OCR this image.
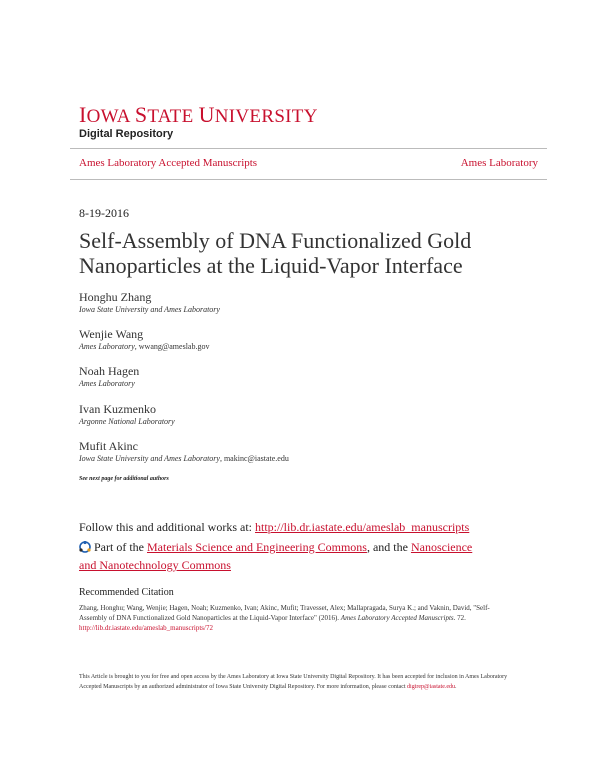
IOWA STATE UNIVERSITY
Digital Repository
Ames Laboratory Accepted Manuscripts	Ames Laboratory
8-19-2016
Self-Assembly of DNA Functionalized Gold Nanoparticles at the Liquid-Vapor Interface
Honghu Zhang
Iowa State University and Ames Laboratory
Wenjie Wang
Ames Laboratory, wwang@ameslab.gov
Noah Hagen
Ames Laboratory
Ivan Kuzmenko
Argonne National Laboratory
Mufit Akinc
Iowa State University and Ames Laboratory, makinc@iastate.edu
See next page for additional authors
Follow this and additional works at: http://lib.dr.iastate.edu/ameslab_manuscripts
Part of the Materials Science and Engineering Commons, and the Nanoscience and Nanotechnology Commons
Recommended Citation
Zhang, Honghu; Wang, Wenjie; Hagen, Noah; Kuzmenko, Ivan; Akinc, Mufit; Travesset, Alex; Mallapragada, Surya K.; and Vaknin, David, "Self-Assembly of DNA Functionalized Gold Nanoparticles at the Liquid-Vapor Interface" (2016). Ames Laboratory Accepted Manuscripts. 72.
http://lib.dr.iastate.edu/ameslab_manuscripts/72
This Article is brought to you for free and open access by the Ames Laboratory at Iowa State University Digital Repository. It has been accepted for inclusion in Ames Laboratory Accepted Manuscripts by an authorized administrator of Iowa State University Digital Repository. For more information, please contact digirep@iastate.edu.
